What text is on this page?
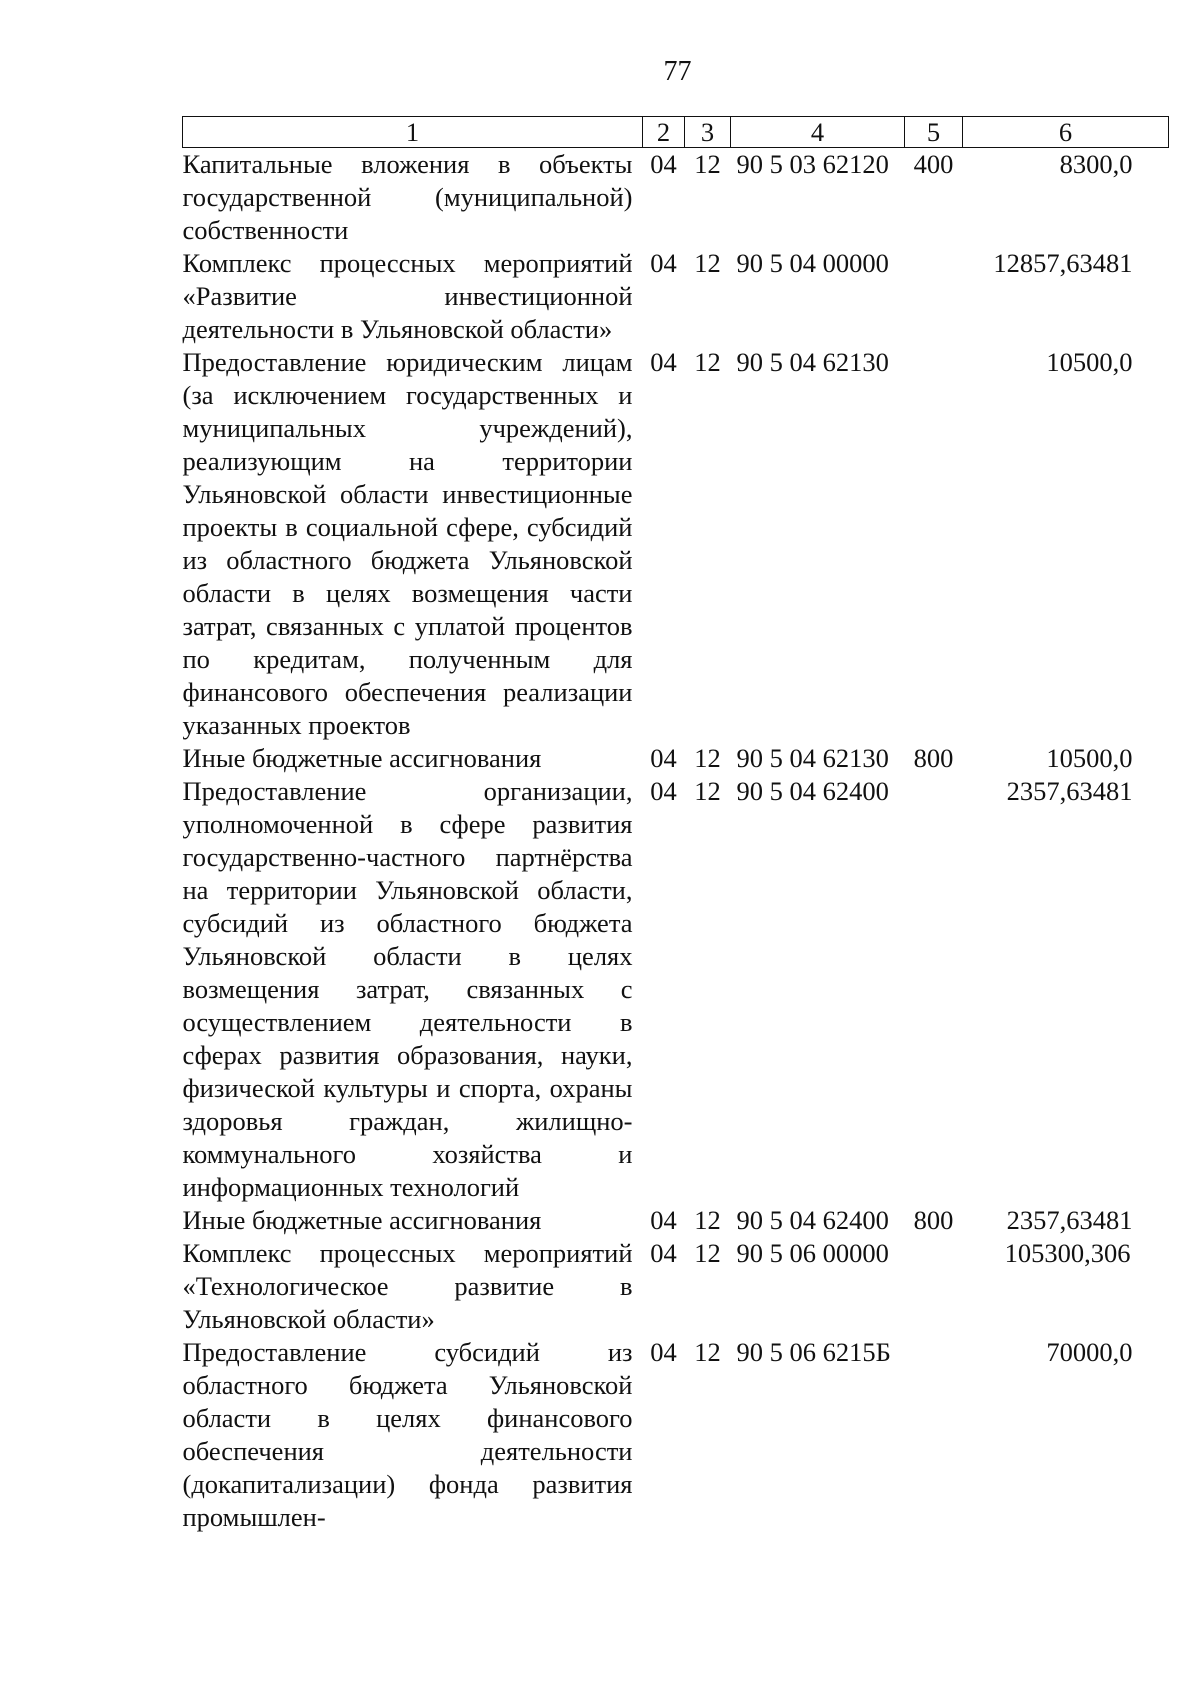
77
1	2	3	4	5	6
Капитальные вложения в объекты государственной (муниципальной) собственности	04	12	90 5 03 62120	400	8300,0
Комплекс процессных мероприятий «Развитие инвестиционной деятельности в Ульяновской области»	04	12	90 5 04 00000		12857,63481
Предоставление юридическим лицам (за исключением государственных и муниципальных учреждений), реализующим на территории Ульяновской области инвестиционные проекты в социальной сфере, субсидий из областного бюджета Ульяновской области в целях возмещения части затрат, связанных с уплатой процентов по кредитам, полученным для финансового обеспечения реализации указанных проектов	04	12	90 5 04 62130		10500,0
Иные бюджетные ассигнования	04	12	90 5 04 62130	800	10500,0
Предоставление организации, уполномоченной в сфере развития государственно-частного партнёрства на территории Ульяновской области, субсидий из областного бюджета Ульяновской области в целях возмещения затрат, связанных с осуществлением деятельности в сферах развития образования, науки, физической культуры и спорта, охраны здоровья граждан, жилищно-коммунального хозяйства и информационных технологий	04	12	90 5 04 62400		2357,63481
Иные бюджетные ассигнования	04	12	90 5 04 62400	800	2357,63481
Комплекс процессных мероприятий «Технологическое развитие в Ульяновской области»	04	12	90 5 06 00000		105300,306
Предоставление субсидий из областного бюджета Ульяновской области в целях финансового обеспечения деятельности (докапитализации) фонда развития промышлен-	04	12	90 5 06 6215Б		70000,0
